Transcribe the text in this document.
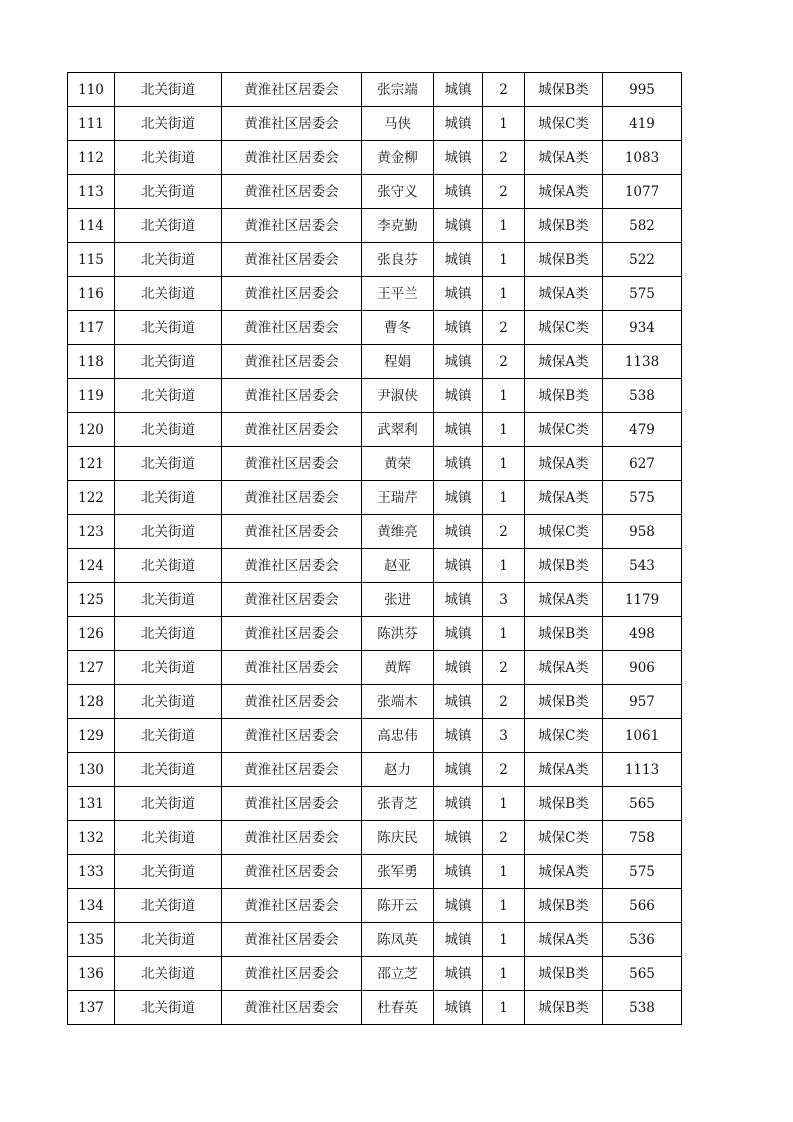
110	北关街道	黄淮社区居委会	张宗端	城镇	2	城保B类	995
111	北关街道	黄淮社区居委会	马侠	城镇	1	城保C类	419
112	北关街道	黄淮社区居委会	黄金柳	城镇	2	城保A类	1083
113	北关街道	黄淮社区居委会	张守义	城镇	2	城保A类	1077
114	北关街道	黄淮社区居委会	李克勤	城镇	1	城保B类	582
115	北关街道	黄淮社区居委会	张良芬	城镇	1	城保B类	522
116	北关街道	黄淮社区居委会	王平兰	城镇	1	城保A类	575
117	北关街道	黄淮社区居委会	曹冬	城镇	2	城保C类	934
118	北关街道	黄淮社区居委会	程娟	城镇	2	城保A类	1138
119	北关街道	黄淮社区居委会	尹淑侠	城镇	1	城保B类	538
120	北关街道	黄淮社区居委会	武翠利	城镇	1	城保C类	479
121	北关街道	黄淮社区居委会	黄荣	城镇	1	城保A类	627
122	北关街道	黄淮社区居委会	王瑞芹	城镇	1	城保A类	575
123	北关街道	黄淮社区居委会	黄维亮	城镇	2	城保C类	958
124	北关街道	黄淮社区居委会	赵亚	城镇	1	城保B类	543
125	北关街道	黄淮社区居委会	张进	城镇	3	城保A类	1179
126	北关街道	黄淮社区居委会	陈洪芬	城镇	1	城保B类	498
127	北关街道	黄淮社区居委会	黄辉	城镇	2	城保A类	906
128	北关街道	黄淮社区居委会	张端木	城镇	2	城保B类	957
129	北关街道	黄淮社区居委会	高忠伟	城镇	3	城保C类	1061
130	北关街道	黄淮社区居委会	赵力	城镇	2	城保A类	1113
131	北关街道	黄淮社区居委会	张青芝	城镇	1	城保B类	565
132	北关街道	黄淮社区居委会	陈庆民	城镇	2	城保C类	758
133	北关街道	黄淮社区居委会	张军勇	城镇	1	城保A类	575
134	北关街道	黄淮社区居委会	陈开云	城镇	1	城保B类	566
135	北关街道	黄淮社区居委会	陈凤英	城镇	1	城保A类	536
136	北关街道	黄淮社区居委会	邵立芝	城镇	1	城保B类	565
137	北关街道	黄淮社区居委会	杜春英	城镇	1	城保B类	538
